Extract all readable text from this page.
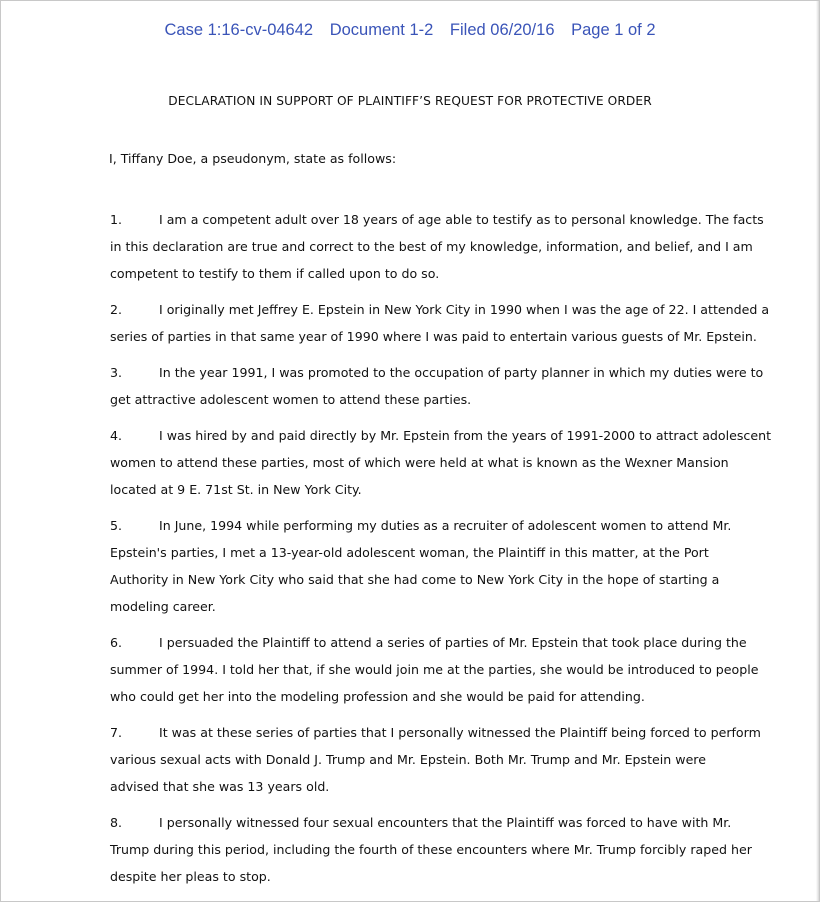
Case 1:16-cv-04642 Document 1-2 Filed 06/20/16 Page 1 of 2
DECLARATION IN SUPPORT OF PLAINTIFF’S REQUEST FOR PROTECTIVE ORDER
I, Tiffany Doe, a pseudonym, state as follows:
1.	I am a competent adult over 18 years of age able to testify as to personal knowledge. The facts
in this declaration are true and correct to the best of my knowledge, information, and belief, and I am
competent to testify to them if called upon to do so.
2.	I originally met Jeffrey E. Epstein in New York City in 1990 when I was the age of 22. I attended a
series of parties in that same year of 1990 where I was paid to entertain various guests of Mr. Epstein.
3.	In the year 1991, I was promoted to the occupation of party planner in which my duties were to
get attractive adolescent women to attend these parties.
4.	I was hired by and paid directly by Mr. Epstein from the years of 1991-2000 to attract adolescent
women to attend these parties, most of which were held at what is known as the Wexner Mansion
located at 9 E. 71st St. in New York City.
5.	In June, 1994 while performing my duties as a recruiter of adolescent women to attend Mr.
Epstein's parties, I met a 13-year-old adolescent woman, the Plaintiff in this matter, at the Port
Authority in New York City who said that she had come to New York City in the hope of starting a
modeling career.
6.	I persuaded the Plaintiff to attend a series of parties of Mr. Epstein that took place during the
summer of 1994. I told her that, if she would join me at the parties, she would be introduced to people
who could get her into the modeling profession and she would be paid for attending.
7.	It was at these series of parties that I personally witnessed the Plaintiff being forced to perform
various sexual acts with Donald J. Trump and Mr. Epstein. Both Mr. Trump and Mr. Epstein were
advised that she was 13 years old.
8.	I personally witnessed four sexual encounters that the Plaintiff was forced to have with Mr.
Trump during this period, including the fourth of these encounters where Mr. Trump forcibly raped her
despite her pleas to stop.
